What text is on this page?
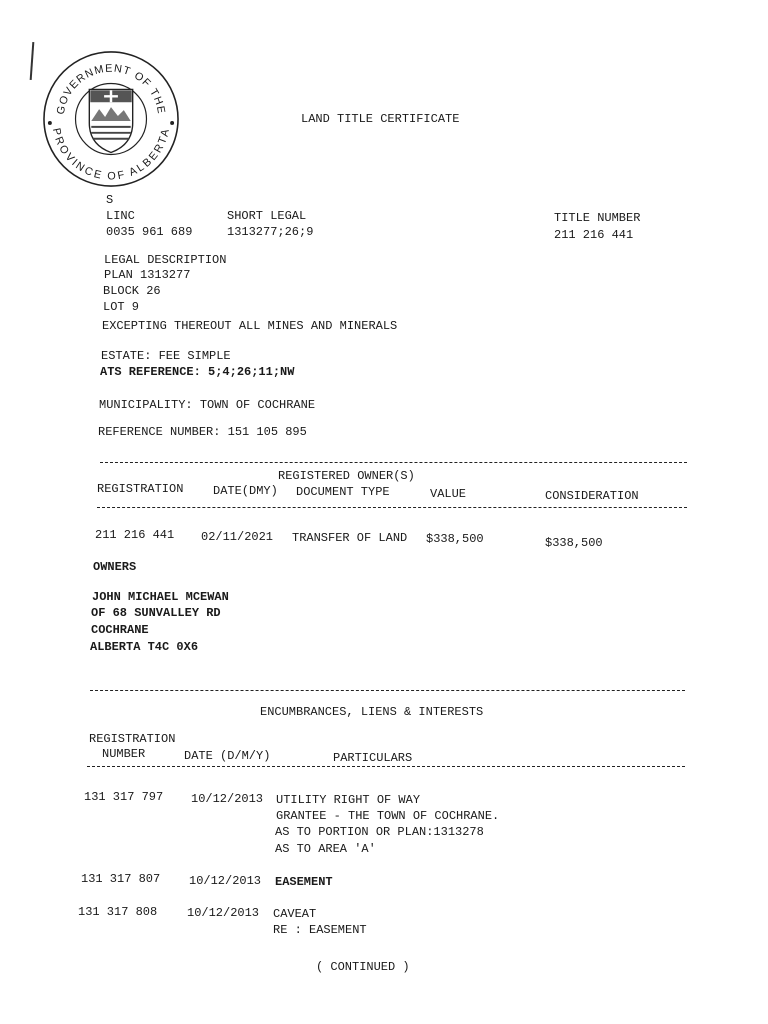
GOVERNMENT OF THE
PROVINCE OF ALBERTA
LAND TITLE CERTIFICATE
S
LINC
0035 961 689
SHORT LEGAL
1313277;26;9
TITLE NUMBER
211 216 441
LEGAL DESCRIPTION
PLAN 1313277
BLOCK 26
LOT 9
EXCEPTING THEREOUT ALL MINES AND MINERALS
ESTATE: FEE SIMPLE
ATS REFERENCE: 5;4;26;11;NW
MUNICIPALITY: TOWN OF COCHRANE
REFERENCE NUMBER: 151 105 895
REGISTERED OWNER(S)
REGISTRATION DATE(DMY) DOCUMENT TYPE	VALUE	CONSIDERATION
211 216 441 02/11/2021 TRANSFER OF LAND $338,500	$338,500
OWNERS
JOHN MICHAEL MCEWAN
OF 68 SUNVALLEY RD
COCHRANE
ALBERTA T4C 0X6
ENCUMBRANCES, LIENS & INTERESTS
REGISTRATION
NUMBER	DATE (D/M/Y)	PARTICULARS
131 317 797 10/12/2013 UTILITY RIGHT OF WAY
GRANTEE - THE TOWN OF COCHRANE.
AS TO PORTION OR PLAN:1313278
AS TO AREA 'A'
131 317 807 10/12/2013 EASEMENT
131 317 808 10/12/2013 CAVEAT
RE : EASEMENT
( CONTINUED )
